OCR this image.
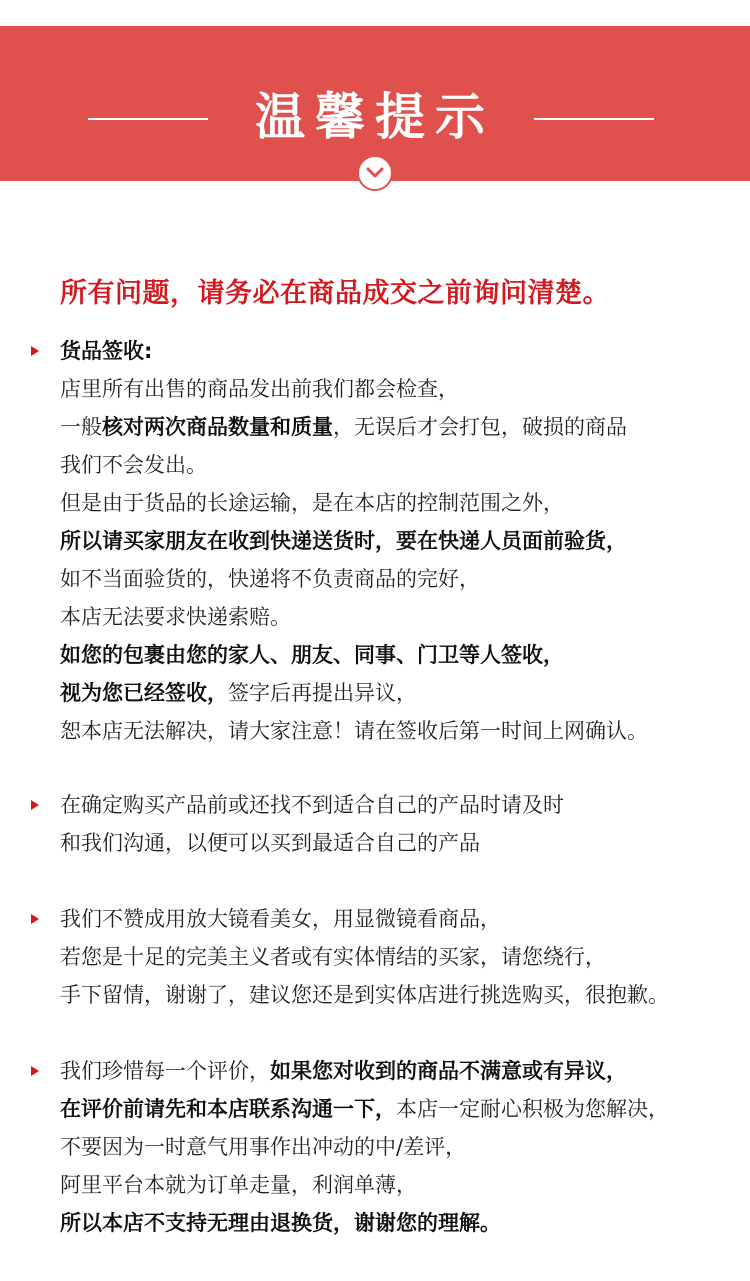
温馨提示
所有问题，请务必在商品成交之前询问清楚。
货品签收:
店里所有出售的商品发出前我们都会检查，
一般核对两次商品数量和质量，无误后才会打包，破损的商品
我们不会发出。
但是由于货品的长途运输，是在本店的控制范围之外，
所以请买家朋友在收到快递送货时，要在快递人员面前验货，
如不当面验货的，快递将不负责商品的完好，
本店无法要求快递索赔。
如您的包裹由您的家人、朋友、同事、门卫等人签收，
视为您已经签收，签字后再提出异议，
恕本店无法解决，请大家注意！请在签收后第一时间上网确认。
在确定购买产品前或还找不到适合自己的产品时请及时
和我们沟通，以便可以买到最适合自己的产品
我们不赞成用放大镜看美女，用显微镜看商品，
若您是十足的完美主义者或有实体情结的买家，请您绕行，
手下留情，谢谢了，建议您还是到实体店进行挑选购买，很抱歉。
我们珍惜每一个评价，如果您对收到的商品不满意或有异议，
在评价前请先和本店联系沟通一下，本店一定耐心积极为您解决，
不要因为一时意气用事作出冲动的中/差评，
阿里平台本就为订单走量，利润单薄，
所以本店不支持无理由退换货，谢谢您的理解。
